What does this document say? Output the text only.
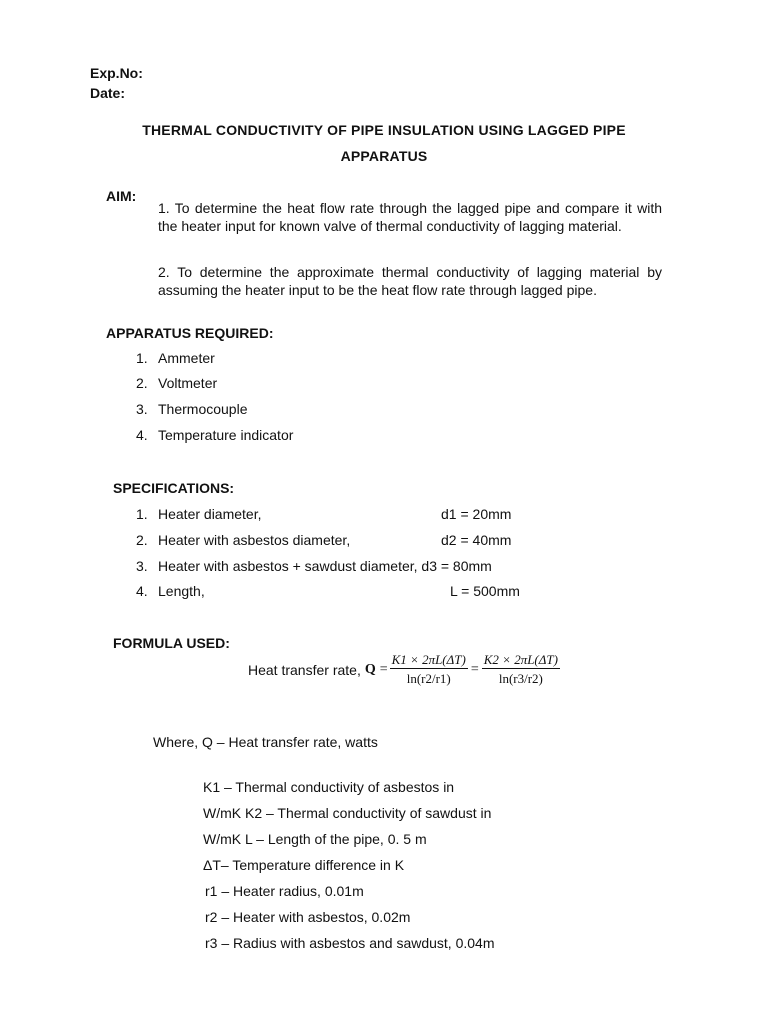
Exp.No:
Date:
THERMAL CONDUCTIVITY OF PIPE INSULATION USING LAGGED PIPE
APPARATUS
AIM:
1. To determine the heat flow rate through the lagged pipe and compare it with the heater input for known valve of thermal conductivity of lagging material.
2. To determine the approximate thermal conductivity of lagging material by assuming the heater input to be the heat flow rate through lagged pipe.
APPARATUS REQUIRED:
1. Ammeter
2. Voltmeter
3. Thermocouple
4. Temperature indicator
SPECIFICATIONS:
1. Heater diameter,	d1 = 20mm
2. Heater with asbestos diameter,	d2 = 40mm
3. Heater with asbestos + sawdust diameter, d3 = 80mm
4. Length,	L = 500mm
FORMULA USED:
Heat transfer rate, $Q = \frac{K1 \times 2\pi L(\Delta T)}{\ln(r2/r1)} = \frac{K2 \times 2\pi L(\Delta T)}{\ln(r3/r2)}$
Where, Q – Heat transfer rate, watts
K1 – Thermal conductivity of asbestos in
W/mK K2 – Thermal conductivity of sawdust in
W/mK L – Length of the pipe, 0. 5 m
ΔT– Temperature difference in K
r1 – Heater radius, 0.01m
r2 – Heater with asbestos, 0.02m
r3 – Radius with asbestos and sawdust, 0.04m
